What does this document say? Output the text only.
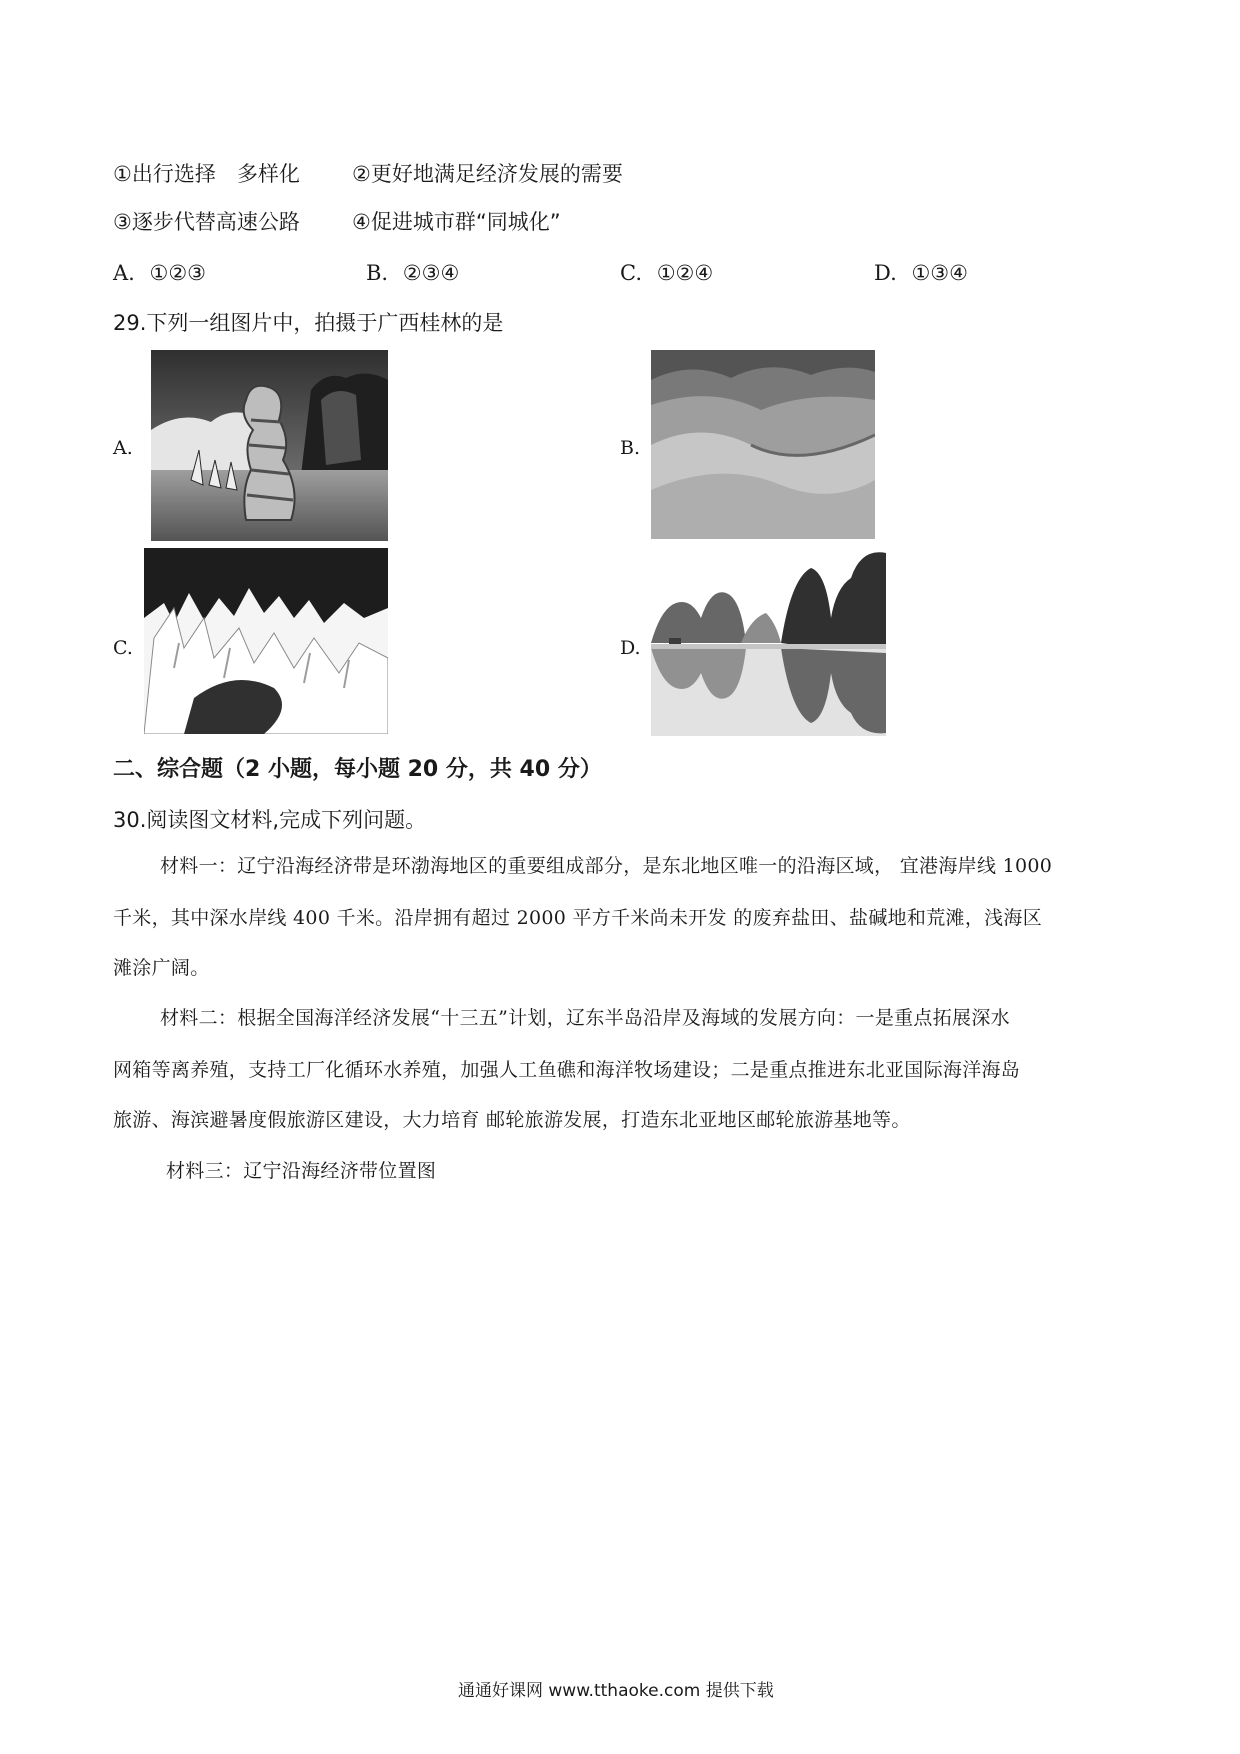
①出行选择　多样化 ②更好地满足经济发展的需要
③逐步代替高速公路 ④促进城市群“同城化”
A. ①②③	B. ②③④	C. ①②④	D. ①③④
29.下列一组图片中，拍摄于广西桂林的是
A.	B.
C.	D.
二、综合题（2 小题，每小题 20 分，共 40 分）
30.阅读图文材料,完成下列问题。
材料一：辽宁沿海经济带是环渤海地区的重要组成部分，是东北地区唯一的沿海区域， 宜港海岸线 1000
千米，其中深水岸线 400 千米。沿岸拥有超过 2000 平方千米尚未开发 的废弃盐田、盐碱地和荒滩，浅海区
滩涂广阔。
材料二：根据全国海洋经济发展“十三五”计划，辽东半岛沿岸及海域的发展方向：一是重点拓展深水
网箱等离养殖，支持工厂化循环水养殖，加强人工鱼礁和海洋牧场建设；二是重点推进东北亚国际海洋海岛
旅游、海滨避暑度假旅游区建设，大力培育 邮轮旅游发展，打造东北亚地区邮轮旅游基地等。
材料三：辽宁沿海经济带位置图
通通好课网 www.tthaoke.com 提供下载
